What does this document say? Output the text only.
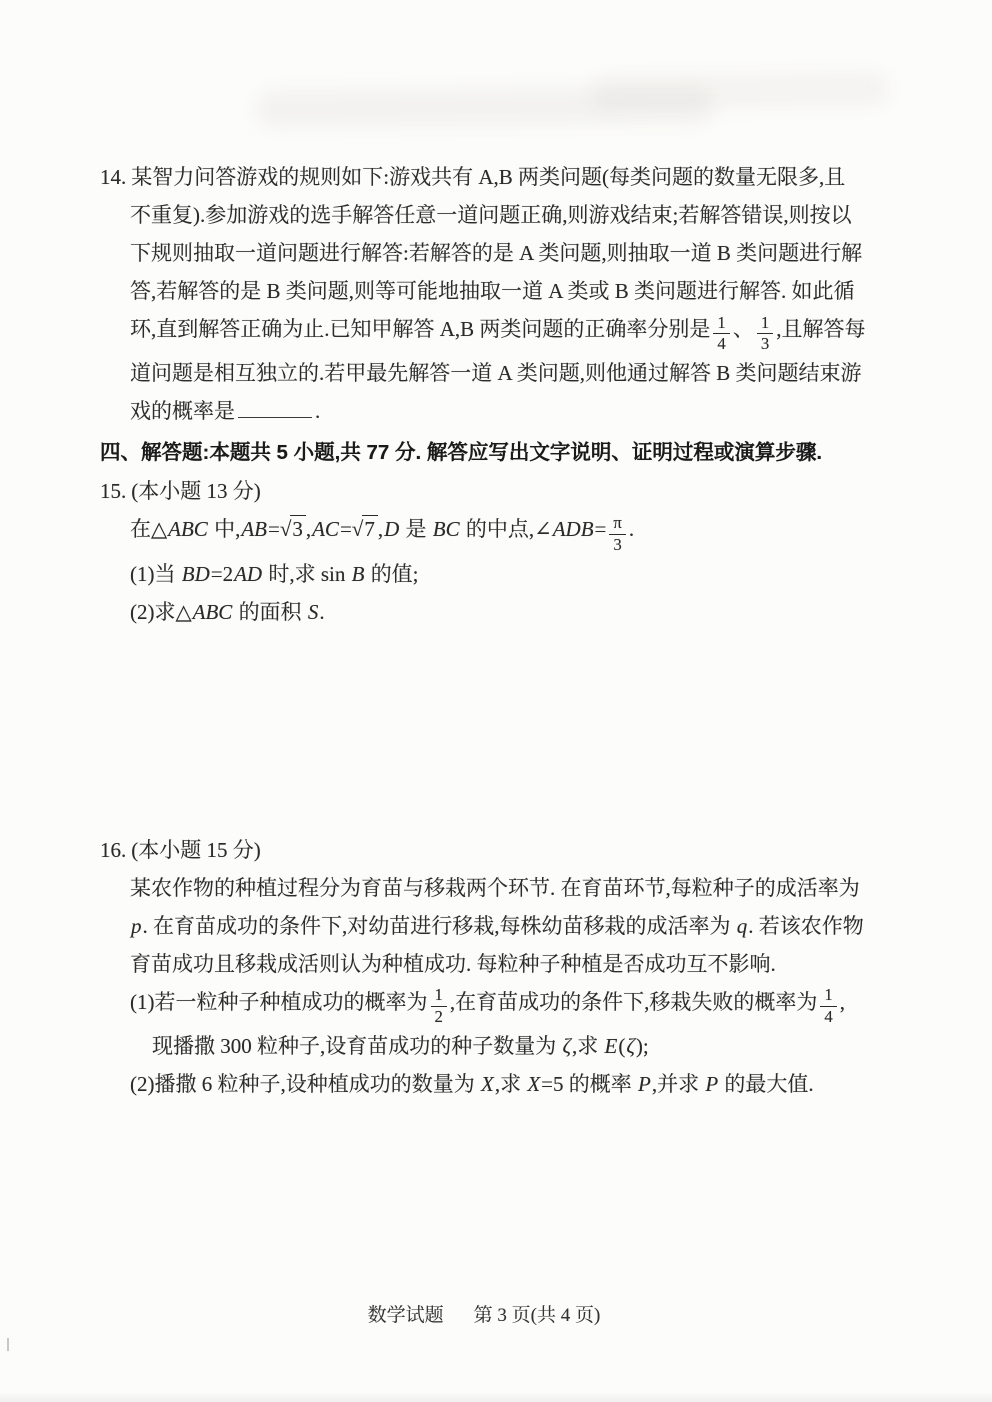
14. 某智力问答游戏的规则如下:游戏共有 A,B 两类问题(每类问题的数量无限多,且
不重复).参加游戏的选手解答任意一道问题正确,则游戏结束;若解答错误,则按以
下规则抽取一道问题进行解答:若解答的是 A 类问题,则抽取一道 B 类问题进行解
答,若解答的是 B 类问题,则等可能地抽取一道 A 类或 B 类问题进行解答. 如此循
环,直到解答正确为止.已知甲解答 A,B 两类问题的正确率分别是 $\frac{1}{4}$ 、 $\frac{1}{3}$ ,且解答每
道问题是相互独立的.若甲最先解答一道 A 类问题,则他通过解答 B 类问题结束游
戏的概率是	.
四、解答题:本题共 5 小题,共 77 分. 解答应写出文字说明、证明过程或演算步骤.
15. (本小题 13 分)
在△ABC 中,AB=√3 ,AC=√7 ,D 是 BC 的中点,∠ADB= $\frac{\pi}{3}$ .
(1)当 BD=2AD 时,求 sin B 的值;
(2)求△ABC 的面积 S.
16. (本小题 15 分)
某农作物的种植过程分为育苗与移栽两个环节. 在育苗环节,每粒种子的成活率为
p. 在育苗成功的条件下,对幼苗进行移栽,每株幼苗移栽的成活率为 q. 若该农作物
育苗成功且移栽成活则认为种植成功. 每粒种子种植是否成功互不影响.
(1)若一粒种子种植成功的概率为 $\frac{1}{2}$ ,在育苗成功的条件下,移栽失败的概率为 $\frac{1}{4}$ ,
现播撒 300 粒种子,设育苗成功的种子数量为 ζ,求 E(ζ);
(2)播撒 6 粒种子,设种植成功的数量为 X,求 X=5 的概率 P,并求 P 的最大值.
数学试题 第 3 页(共 4 页)
